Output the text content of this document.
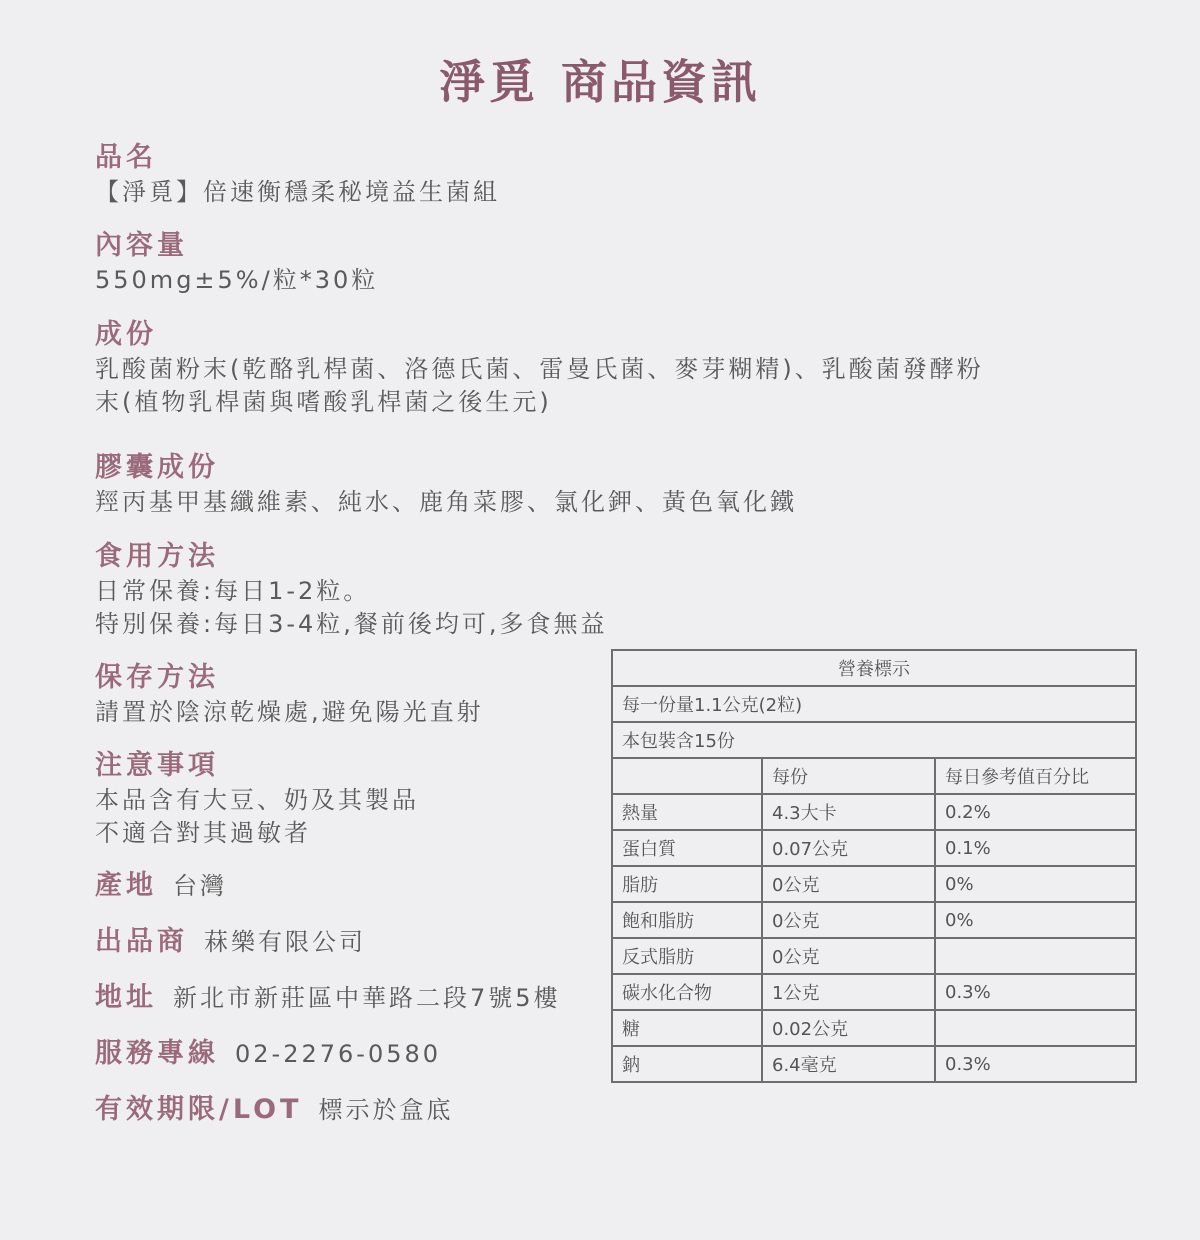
淨覓 商品資訊
品名
【淨覓】倍速衡穩柔秘境益生菌組
內容量
550mg±5%/粒*30粒
成份
乳酸菌粉末(乾酪乳桿菌、洛德氏菌、雷曼氏菌、麥芽糊精)、乳酸菌發酵粉
末(植物乳桿菌與嗜酸乳桿菌之後生元)
膠囊成份
羥丙基甲基纖維素、純水、鹿角菜膠、氯化鉀、黃色氧化鐵
食用方法
日常保養:每日1-2粒。
特別保養:每日3-4粒,餐前後均可,多食無益
保存方法
請置於陰涼乾燥處,避免陽光直射
注意事項
本品含有大豆、奶及其製品
不適合對其過敏者
產地 台灣
出品商 菻樂有限公司
地址 新北市新莊區中華路二段7號5樓
服務專線 02-2276-0580
有效期限/LOT 標示於盒底
營養標示		
每一份量1.1公克(2粒)		
本包裝含15份		
	每份	每日參考值百分比
熱量	4.3大卡	0.2%
蛋白質	0.07公克	0.1%
脂肪	0公克	0%
飽和脂肪	0公克	0%
反式脂肪	0公克	
碳水化合物	1公克	0.3%
糖	0.02公克	
鈉	6.4毫克	0.3%
